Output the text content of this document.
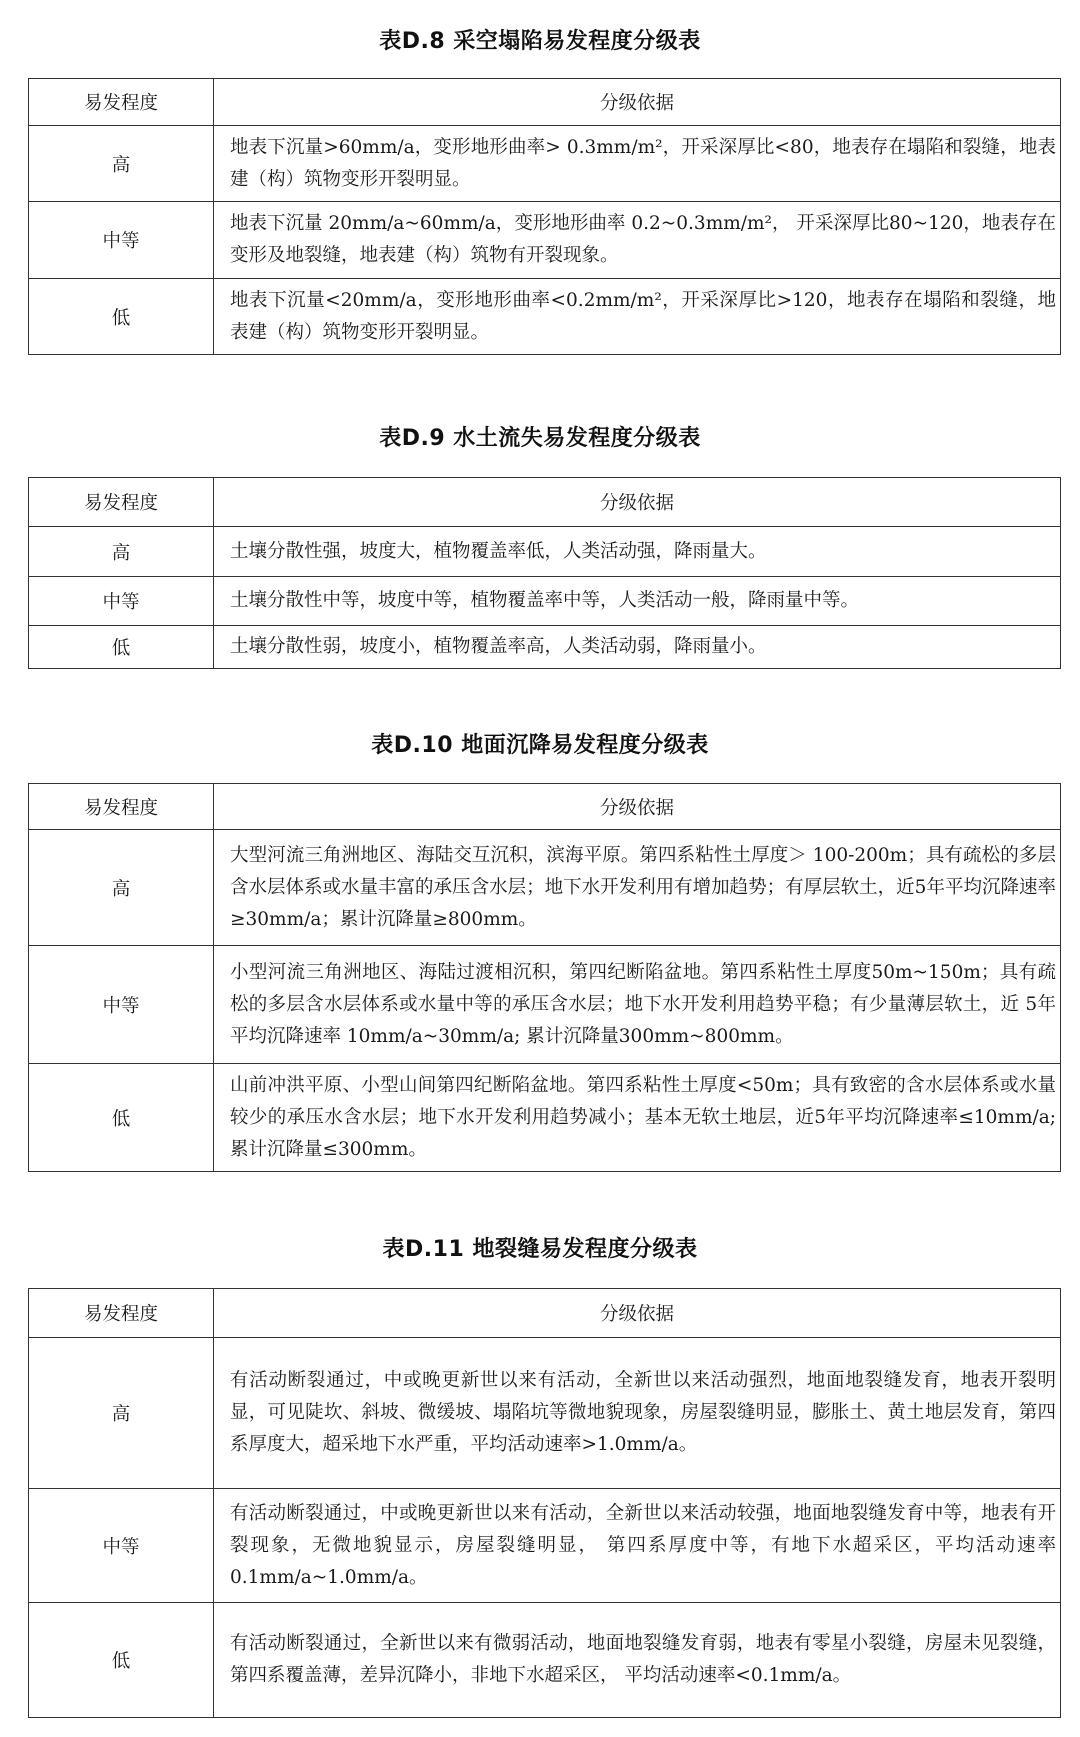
表D.8 采空塌陷易发程度分级表
易发程度	分级依据
高	地表下沉量>60mm/a，变形地形曲率> 0.3mm/m²，开采深厚比<80，地表存在塌陷和裂缝，地表建（构）筑物变形开裂明显。
中等	地表下沉量 20mm/a~60mm/a，变形地形曲率 0.2~0.3mm/m²， 开采深厚比80~120，地表存在变形及地裂缝，地表建（构）筑物有开裂现象。
低	地表下沉量<20mm/a，变形地形曲率<0.2mm/m²，开采深厚比>120，地表存在塌陷和裂缝，地表建（构）筑物变形开裂明显。
表D.9 水土流失易发程度分级表
易发程度	分级依据
高	土壤分散性强，坡度大，植物覆盖率低，人类活动强，降雨量大。
中等	土壤分散性中等，坡度中等，植物覆盖率中等，人类活动一般，降雨量中等。
低	土壤分散性弱，坡度小，植物覆盖率高，人类活动弱，降雨量小。
表D.10 地面沉降易发程度分级表
易发程度	分级依据
高	大型河流三角洲地区、海陆交互沉积，滨海平原。第四系粘性土厚度＞ 100-200m；具有疏松的多层含水层体系或水量丰富的承压含水层；地下水开发利用有增加趋势；有厚层软土，近5年平均沉降速率≥30mm/a；累计沉降量≥800mm。
中等	小型河流三角洲地区、海陆过渡相沉积，第四纪断陷盆地。第四系粘性土厚度50m~150m；具有疏松的多层含水层体系或水量中等的承压含水层；地下水开发利用趋势平稳；有少量薄层软土，近 5年平均沉降速率 10mm/a~30mm/a; 累计沉降量300mm~800mm。
低	山前冲洪平原、小型山间第四纪断陷盆地。第四系粘性土厚度<50m；具有致密的含水层体系或水量较少的承压水含水层；地下水开发利用趋势减小；基本无软土地层，近5年平均沉降速率≤10mm/a;累计沉降量≤300mm。
表D.11 地裂缝易发程度分级表
易发程度	分级依据
高	有活动断裂通过，中或晚更新世以来有活动，全新世以来活动强烈，地面地裂缝发育，地表开裂明显，可见陡坎、斜坡、微缓坡、塌陷坑等微地貌现象，房屋裂缝明显，膨胀土、黄土地层发育，第四系厚度大，超采地下水严重，平均活动速率>1.0mm/a。
中等	有活动断裂通过，中或晚更新世以来有活动，全新世以来活动较强，地面地裂缝发育中等，地表有开裂现象，无微地貌显示，房屋裂缝明显， 第四系厚度中等，有地下水超采区，平均活动速率 0.1mm/a~1.0mm/a。
低	有活动断裂通过，全新世以来有微弱活动，地面地裂缝发育弱，地表有零星小裂缝，房屋未见裂缝，第四系覆盖薄，差异沉降小，非地下水超采区， 平均活动速率<0.1mm/a。
